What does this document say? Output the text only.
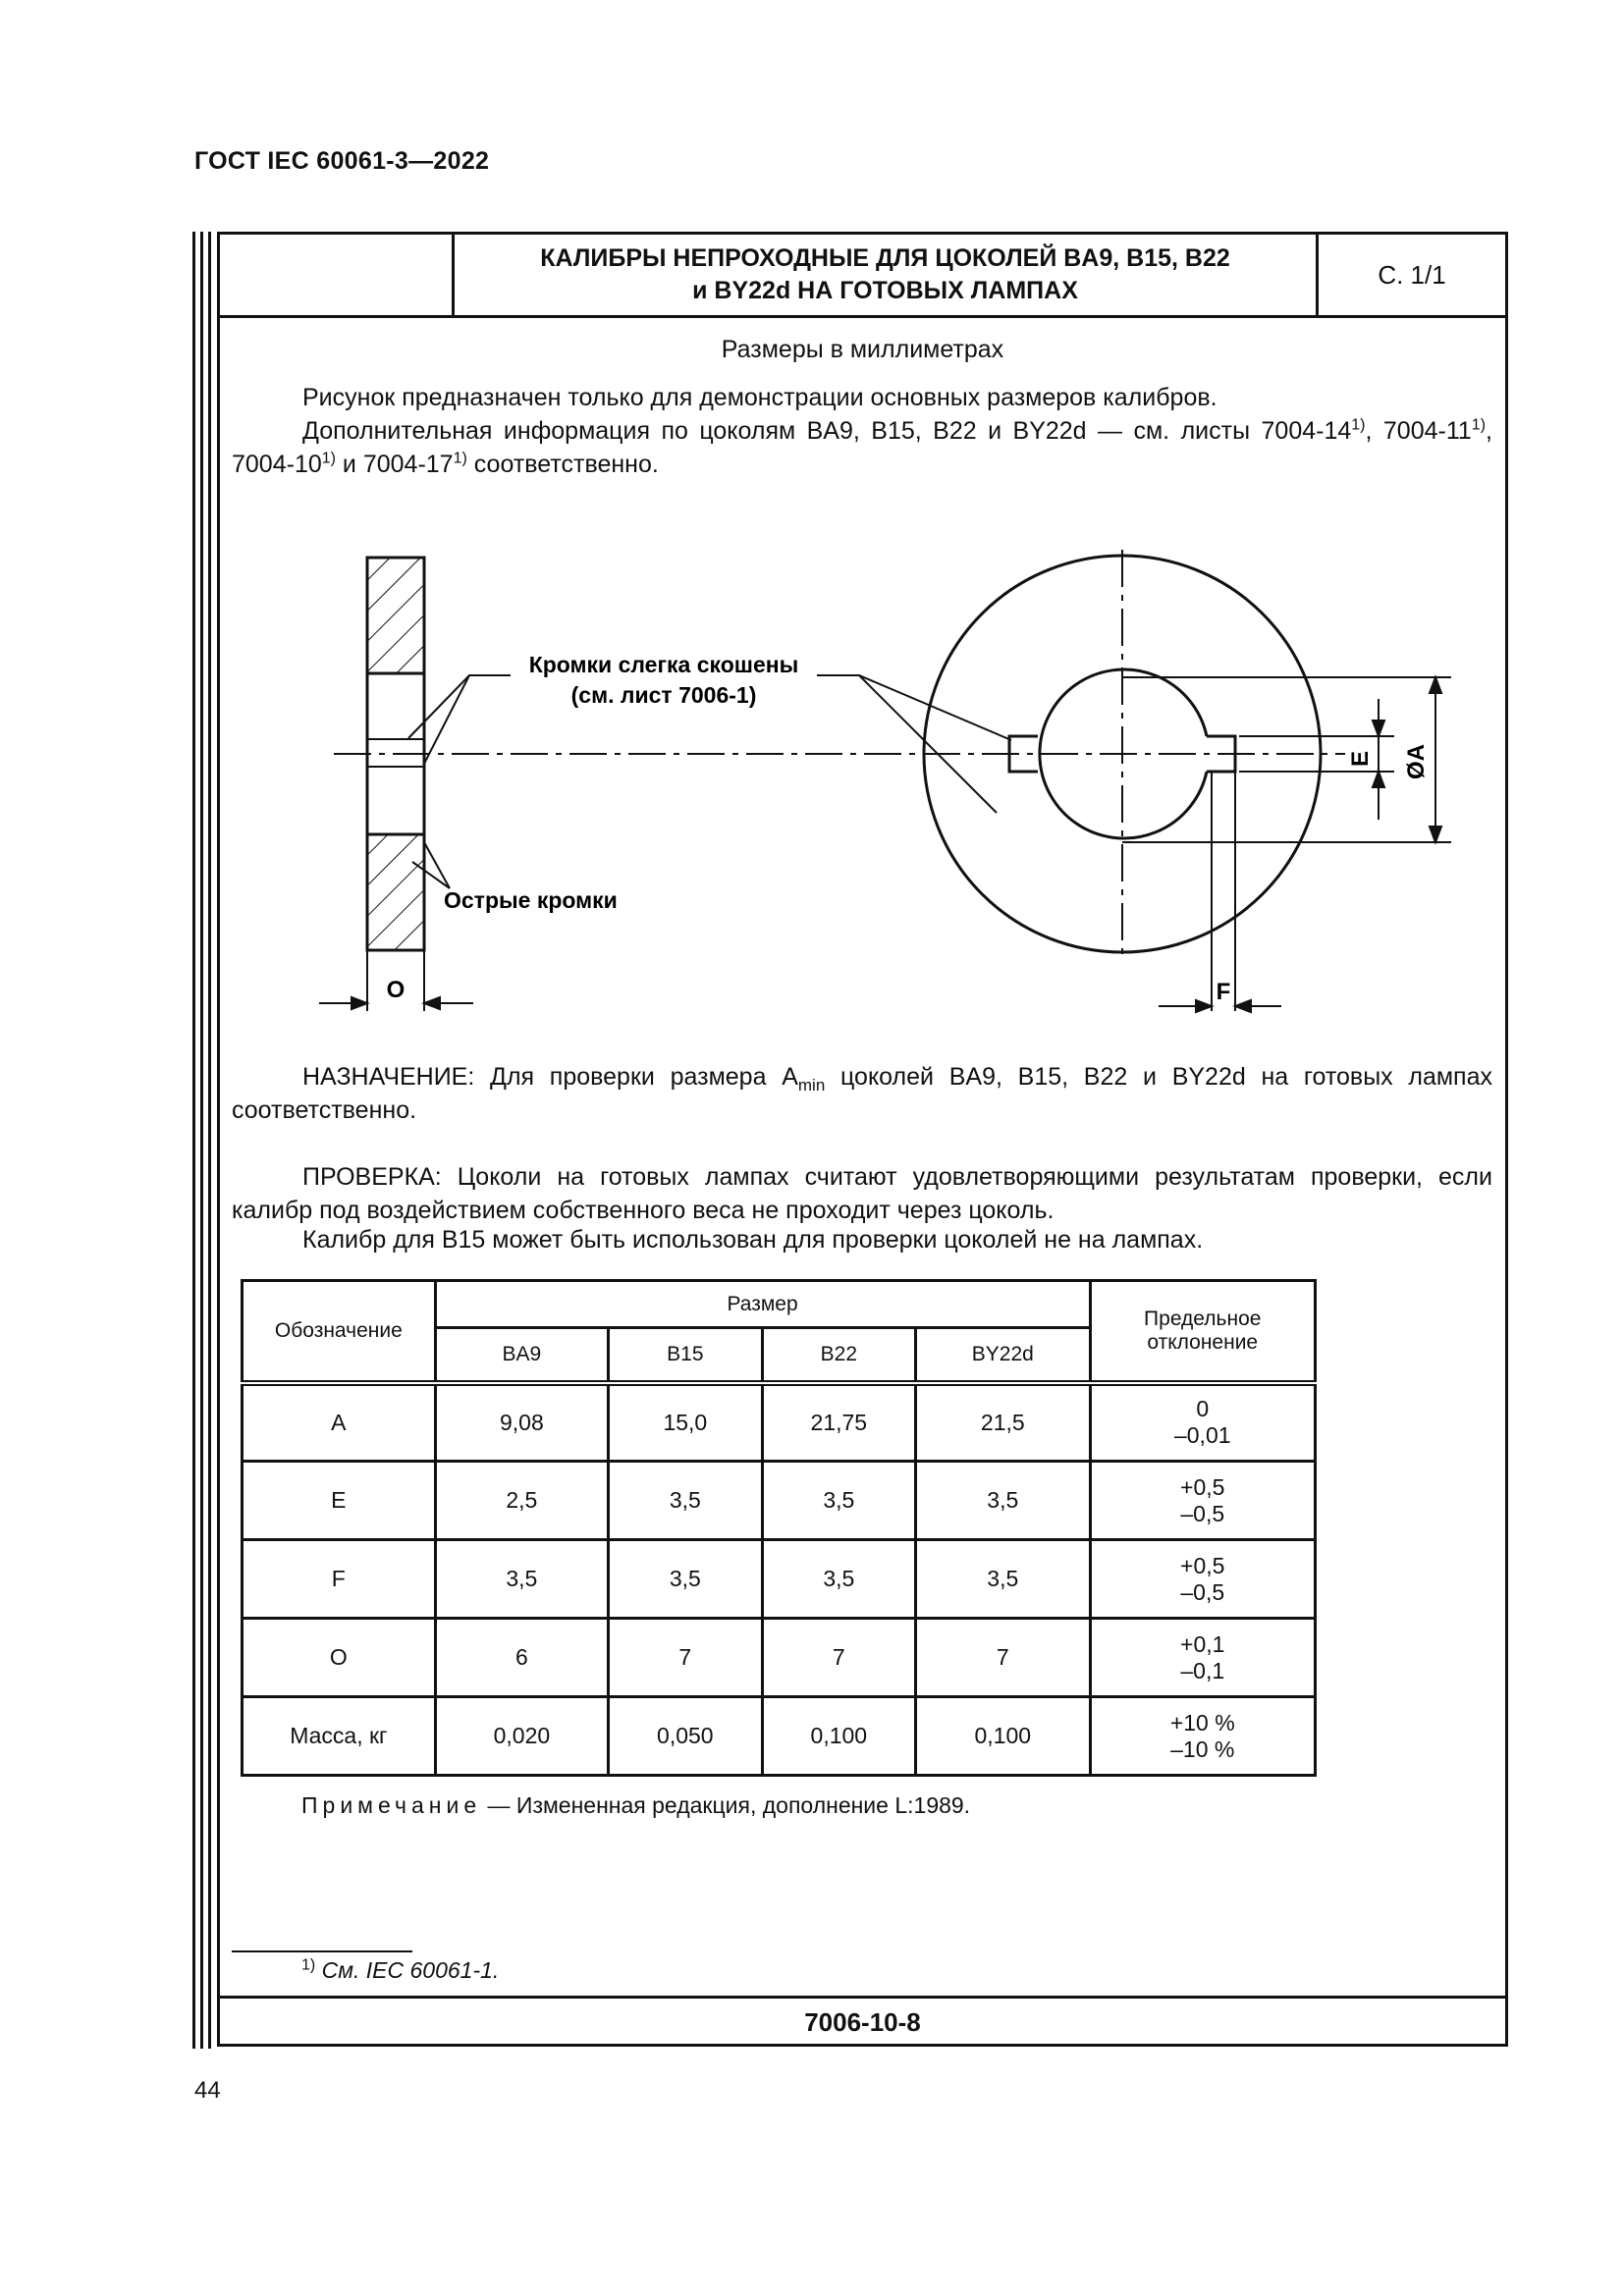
ГОСТ IEC 60061-3—2022
КАЛИБРЫ НЕПРОХОДНЫЕ ДЛЯ ЦОКОЛЕЙ BA9, B15, B22
и BY22d НА ГОТОВЫХ ЛАМПАХ
С. 1/1
Размеры в миллиметрах
Рисунок предназначен только для демонстрации основных размеров калибров.
Дополнительная информация по цоколям BA9, B15, B22 и BY22d — см. листы 7004-14$^{1)}$, 7004-11$^{1)}$, 7004-10$^{1)}$ и 7004-17$^{1)}$ соответственно.
Кромки слегка скошены
(см. лист 7006-1)
Острые кромки
O	F
E ØA
НАЗНАЧЕНИЕ: Для проверки размера $A_{min}$ цоколей BA9, B15, B22 и BY22d на готовых лампах соответственно.
ПРОВЕРКА: Цоколи на готовых лампах считают удовлетворяющими результатам проверки, если калибр под воздействием собственного веса не проходит через цоколь.
Калибр для B15 может быть использован для проверки цоколей не на лампах.
Обозначение	Размер				Предельное отклонение
	BA9	B15	B22	BY22d	
A	9,08	15,0	21,75	21,5	0
–0,01

E	2,5	3,5	3,5	3,5	+0,5
–0,5

F	3,5	3,5	3,5	3,5	+0,5
–0,5

O	6	7	7	7	+0,1
–0,1

Масса, кг	0,020	0,050	0,100	0,100	+10 %
–10 %
Примечание — Измененная редакция, дополнение L:1989.
$^{1)}$ См. IEC 60061-1.
7006-10-8
44
